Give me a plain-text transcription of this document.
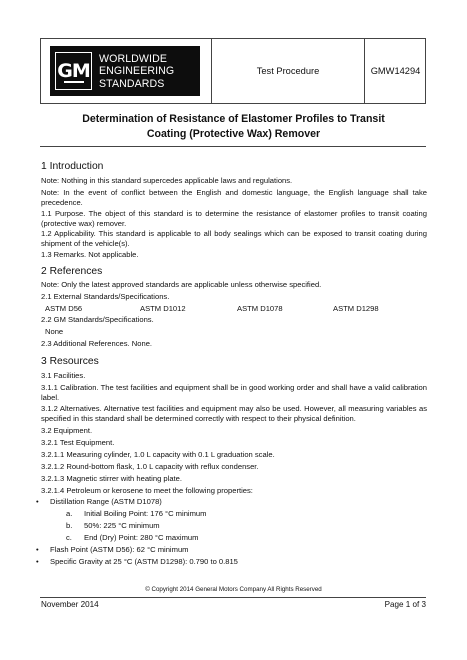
GM
WORLDWIDE
ENGINEERING
STANDARDS
Test Procedure	GMW14294
Determination of Resistance of Elastomer Profiles to Transit
Coating (Protective Wax) Remover
1 Introduction
Note: Nothing in this standard supercedes applicable laws and regulations.
Note: In the event of conflict between the English and domestic language, the English language shall take precedence.
1.1 Purpose. The object of this standard is to determine the resistance of elastomer profiles to transit coating (protective wax) remover.
1.2 Applicability. This standard is applicable to all body sealings which can be exposed to transit coating during shipment of the vehicle(s).
1.3 Remarks. Not applicable.
2 References
Note: Only the latest approved standards are applicable unless otherwise specified.
2.1 External Standards/Specifications.
ASTM D56	ASTM D1012	ASTM D1078	ASTM D1298
2.2 GM Standards/Specifications.
None
2.3 Additional References. None.
3 Resources
3.1 Facilities.
3.1.1 Calibration. The test facilities and equipment shall be in good working order and shall have a valid calibration label.
3.1.2 Alternatives. Alternative test facilities and equipment may also be used. However, all measuring variables as specified in this standard shall be determined correctly with respect to their physical definition.
3.2 Equipment.
3.2.1 Test Equipment.
3.2.1.1 Measuring cylinder, 1.0 L capacity with 0.1 L graduation scale.
3.2.1.2 Round-bottom flask, 1.0 L capacity with reflux condenser.
3.2.1.3 Magnetic stirrer with heating plate.
3.2.1.4 Petroleum or kerosene to meet the following properties:
• Distillation Range (ASTM D1078)
a. Initial Boiling Point: 176 °C minimum
b. 50%: 225 °C minimum
c. End (Dry) Point: 280 °C maximum
• Flash Point (ASTM D56): 62 °C minimum
• Specific Gravity at 25 °C (ASTM D1298): 0.790 to 0.815
© Copyright 2014 General Motors Company All Rights Reserved
November 2014	Page 1 of 3
